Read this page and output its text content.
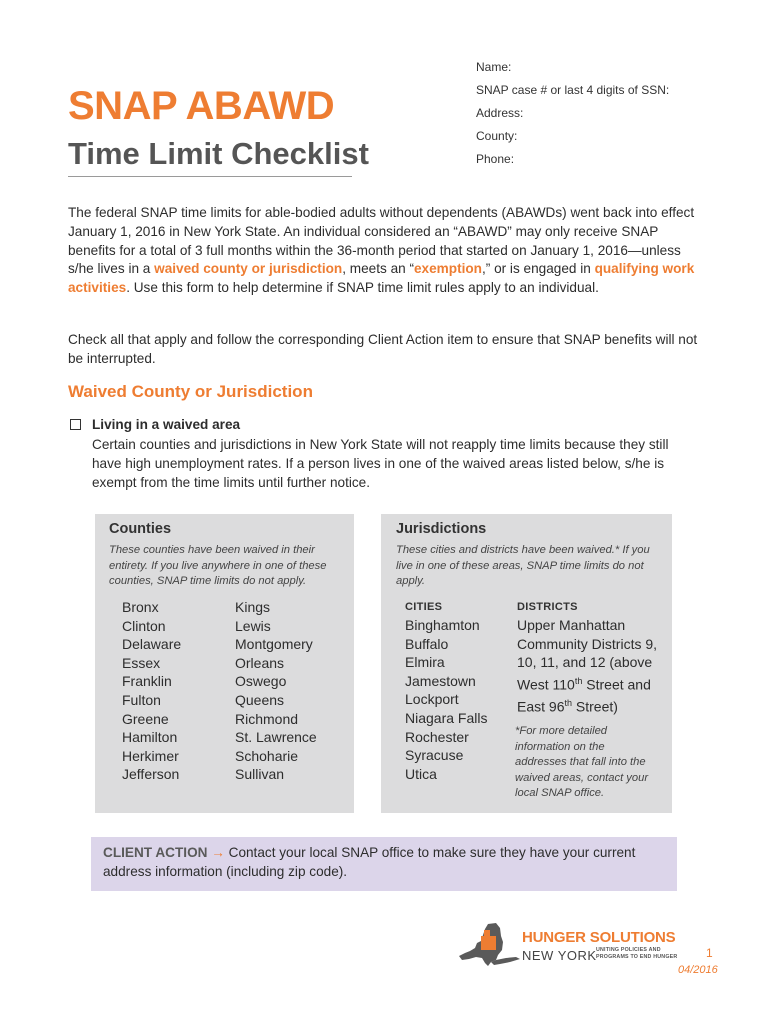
SNAP ABAWD
Time Limit Checklist
Name:
SNAP case # or last 4 digits of SSN:
Address:
County:
Phone:

The federal SNAP time limits for able-bodied adults without dependents (ABAWDs) went back into effect January 1, 2016 in New York State. An individual considered an “ABAWD” may only receive SNAP benefits for a total of 3 full months within the 36-month period that started on January 1, 2016—unless s/he lives in a waived county or jurisdiction, meets an “exemption,” or is engaged in qualifying work activities. Use this form to help determine if SNAP time limit rules apply to an individual.

Check all that apply and follow the corresponding Client Action item to ensure that SNAP benefits will not be interrupted.

Waived County or Jurisdiction
Living in a waived area

Certain counties and jurisdictions in New York State will not reapply time limits because they still have high unemployment rates. If a person lives in one of the waived areas listed below, s/he is exempt from the time limits until further notice.

Counties

These counties have been waived in their entirety. If you live anywhere in one of these counties, SNAP time limits do not apply.

Bronx
Clinton
Delaware
Essex
Franklin
Fulton
Greene
Hamilton
Herkimer
Jefferson
Kings
Lewis
Montgomery
Orleans
Oswego
Queens
Richmond
St. Lawrence
Schoharie
Sullivan
Jurisdictions

These cities and districts have been waived.* If you live in one of these areas, SNAP time limits do not apply.

CITIES
Binghamton
Buffalo
Elmira
Jamestown
Lockport
Niagara Falls
Rochester
Syracuse
Utica
DISTRICTS
Upper Manhattan
Community Districts 9,
10, 11, and 12 (above
West 110th Street and
East 96th Street)

*For more detailed information on the addresses that fall into the waived areas, contact your local SNAP office.

CLIENT ACTION → Contact your local SNAP office to make sure they have your current address information (including zip code).

HUNGER SOLUTIONS
NEW YORK UNITING POLICIES AND
PROGRAMS TO END HUNGER 1
04/2016
